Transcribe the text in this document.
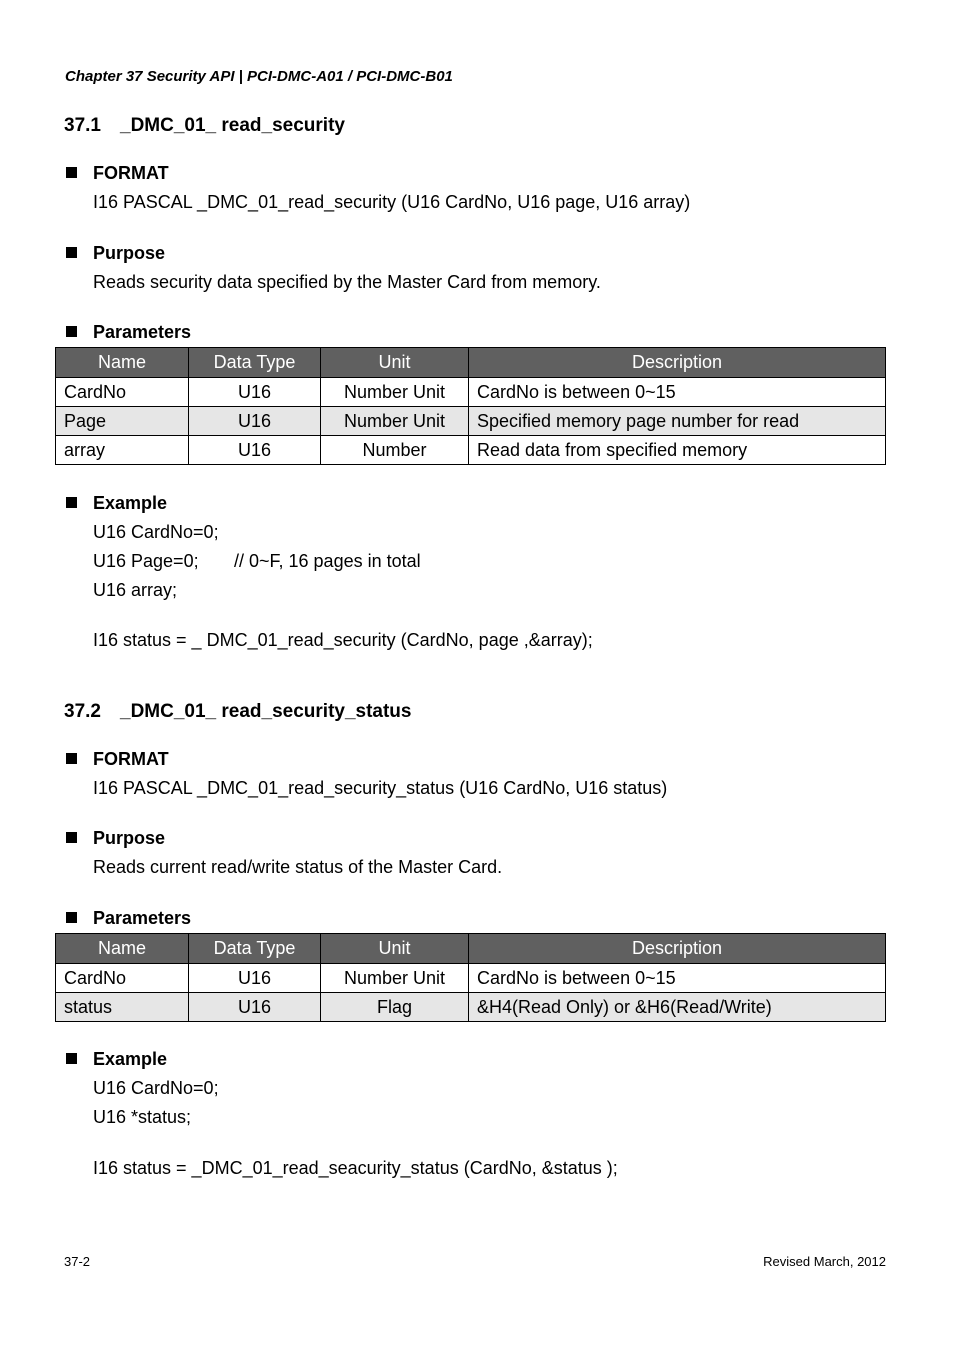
Chapter 37 Security API | PCI-DMC-A01 / PCI-DMC-B01
37.1 _DMC_01_ read_security
FORMAT
I16 PASCAL _DMC_01_read_security (U16 CardNo, U16 page, U16 array)
Purpose
Reads security data specified by the Master Card from memory.
Parameters
Name	Data Type	Unit	Description
CardNo	U16	Number Unit	CardNo is between 0~15
Page	U16	Number Unit	Specified memory page number for read
array	U16	Number	Read data from specified memory
Example
U16 CardNo=0;
U16 Page=0; // 0~F, 16 pages in total
U16 array;
I16 status = _ DMC_01_read_security (CardNo, page ,&array);
37.2 _DMC_01_ read_security_status
FORMAT
I16 PASCAL _DMC_01_read_security_status (U16 CardNo, U16 status)
Purpose
Reads current read/write status of the Master Card.
Parameters
Name	Data Type	Unit	Description
CardNo	U16	Number Unit	CardNo is between 0~15
status	U16	Flag	&H4(Read Only) or &H6(Read/Write)
Example
U16 CardNo=0;
U16 *status;
I16 status = _DMC_01_read_seacurity_status (CardNo, &status );
37-2	Revised March, 2012
